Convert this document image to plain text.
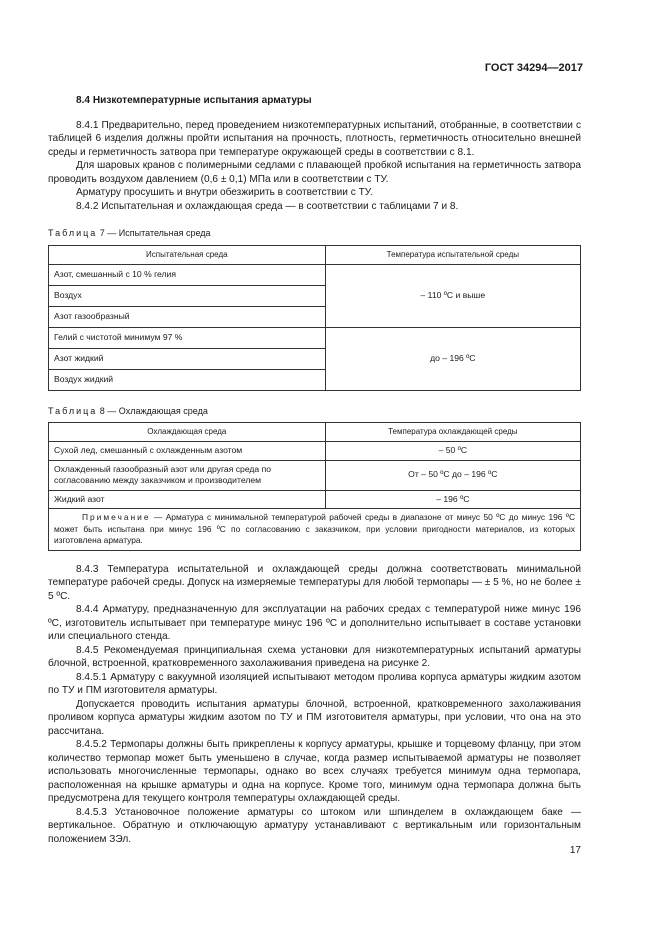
ГОСТ 34294—2017
8.4 Низкотемпературные испытания арматуры

8.4.1 Предварительно, перед проведением низкотемпературных испытаний, отобранные, в соответствии с таблицей 6 изделия должны пройти испытания на прочность, плотность, герметичность относительно внешней среды и герметичность затвора при температуре окружающей среды в соответствии с 8.1.

Для шаровых кранов с полимерными седлами с плавающей пробкой испытания на герметичность затвора проводить воздухом давлением (0,6 ± 0,1) МПа или в соответствии с ТУ.

Арматуру просушить и внутри обезжирить в соответствии с ТУ.

8.4.2 Испытательная и охлаждающая среда — в соответствии с таблицами 7 и 8.

Таблица 7 — Испытательная среда

Испытательная среда	Температура испытательной среды
Азот, смешанный с 10 % гелия	– 110 ºС и выше
Воздух	
Азот газообразный	
Гелий с чистотой минимум 97 %	до – 196 ºС
Азот жидкий	
Воздух жидкий	

Таблица 8 — Охлаждающая среда

Охлаждающая среда	Температура охлаждающей среды
Сухой лед, смешанный с охлажденным азотом	– 50 ºС
Охлажденный газообразный азот или другая среда по согласованию между заказчиком и производителем	От – 50 ºС до – 196 ºС
Жидкий азот	– 196 ºС
Примечание — Арматура с минимальной температурой рабочей среды в диапазоне от минус 50 ºС до минус 196 ºС может быть испытана при минус 196 ºС по согласованию с заказчиком, при условии пригодности материалов, из которых изготовлена арматура.	

8.4.3 Температура испытательной и охлаждающей среды должна соответствовать минимальной температуре рабочей среды. Допуск на измеряемые температуры для любой термопары — ± 5 %, но не более ± 5 ºС.

8.4.4 Арматуру, предназначенную для эксплуатации на рабочих средах с температурой ниже минус 196 ºС, изготовитель испытывает при температуре минус 196 ºС и дополнительно испытывает в составе установки или специального стенда.

8.4.5 Рекомендуемая принципиальная схема установки для низкотемпературных испытаний арматуры блочной, встроенной, кратковременного захолаживания приведена на рисунке 2.

8.4.5.1 Арматуру с вакуумной изоляцией испытывают методом пролива корпуса арматуры жидким азотом по ТУ и ПМ изготовителя арматуры.

Допускается проводить испытания арматуры блочной, встроенной, кратковременного захолаживания проливом корпуса арматуры жидким азотом по ТУ и ПМ изготовителя арматуры, при условии, что она на это рассчитана.

8.4.5.2 Термопары должны быть прикреплены к корпусу арматуры, крышке и торцевому фланцу, при этом количество термопар может быть уменьшено в случае, когда размер испытываемой арматуры не позволяет использовать многочисленные термопары, однако во всех случаях требуется минимум одна термопара, расположенная на крышке арматуры и одна на корпусе. Кроме того, минимум одна термопара должна быть предусмотрена для текущего контроля температуры охлаждающей среды.

8.4.5.3 Установочное положение арматуры со штоком или шпинделем в охлаждающем баке — вертикальное. Обратную и отключающую арматуру устанавливают с вертикальным или горизонтальным положением ЗЭл.

17
